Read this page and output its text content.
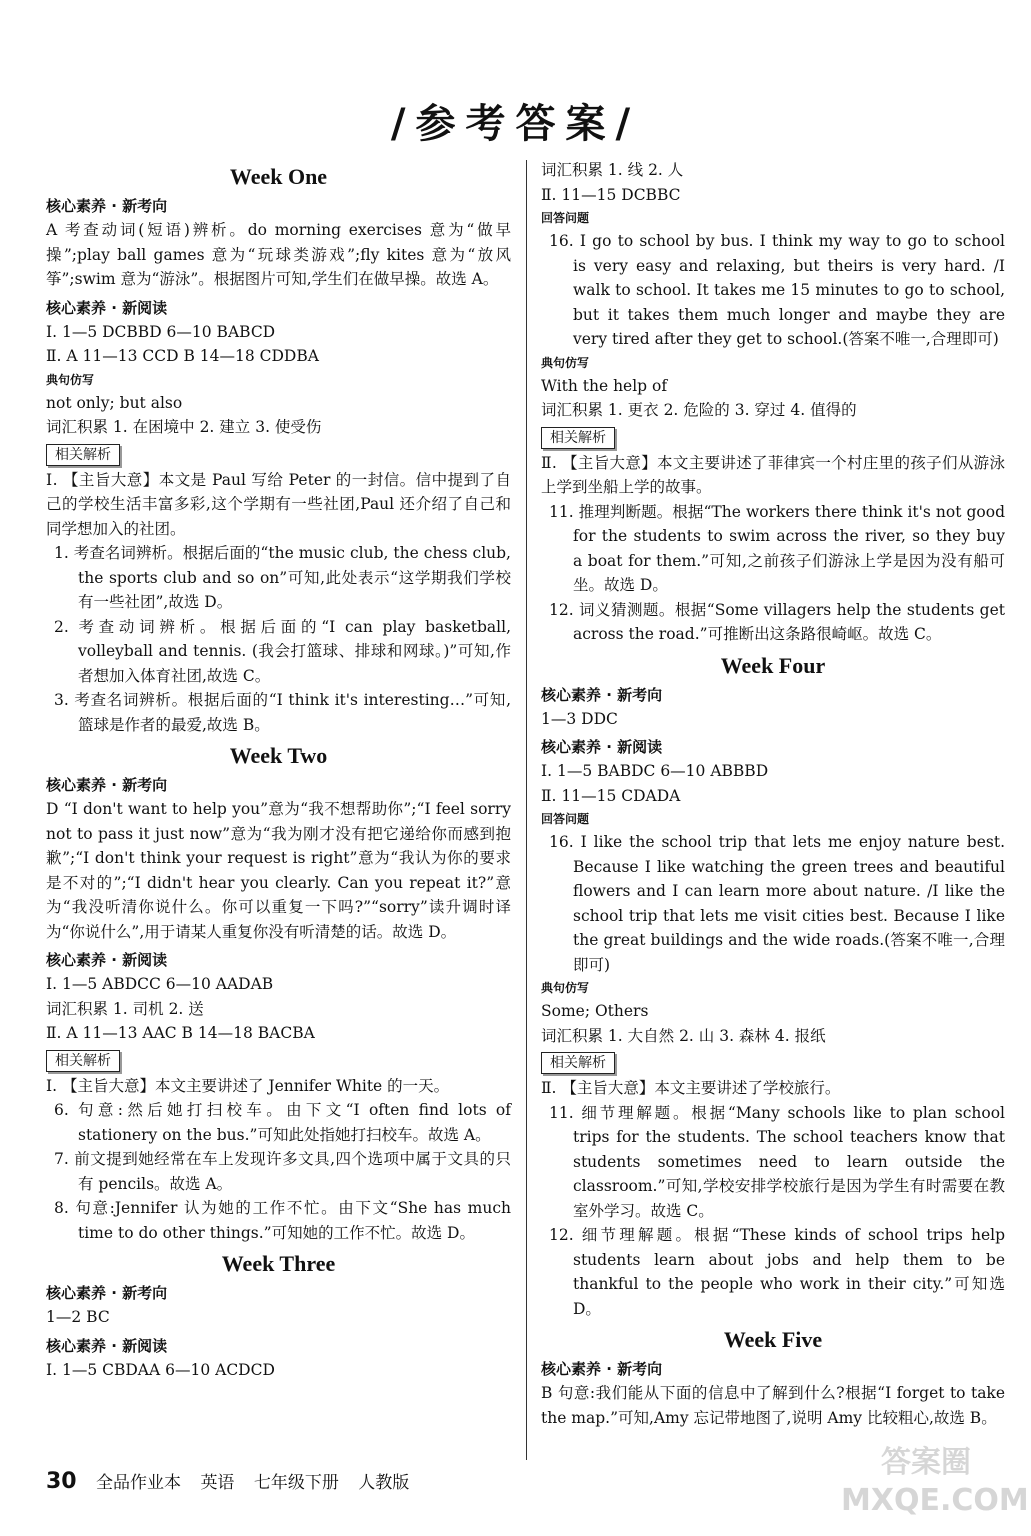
/参考答案/
Week One
核心素养 · 新考向
A 考查动词(短语)辨析。do morning exercises 意为“做早操”;play ball games 意为“玩球类游戏”;fly kites 意为“放风筝”;swim 意为“游泳”。根据图片可知,学生们在做早操。故选 A。
核心素养 · 新阅读
Ⅰ. 1—5 DCBBD 6—10 BABCD
Ⅱ. A 11—13 CCD B 14—18 CDDBA
典句仿写
not only; but also
词汇积累 1. 在困境中 2. 建立 3. 使受伤
相关解析
Ⅰ. 【主旨大意】本文是 Paul 写给 Peter 的一封信。信中提到了自己的学校生活丰富多彩,这个学期有一些社团,Paul 还介绍了自己和同学想加入的社团。
1. 考查名词辨析。根据后面的“the music club, the chess club, the sports club and so on”可知,此处表示“这学期我们学校有一些社团”,故选 D。
2. 考查动词辨析。根据后面的“I can play basketball, volleyball and tennis. (我会打篮球、排球和网球。)”可知,作者想加入体育社团,故选 C。
3. 考查名词辨析。根据后面的“I think it's interesting…”可知,篮球是作者的最爱,故选 B。
Week Two
核心素养 · 新考向
D “I don't want to help you”意为“我不想帮助你”;“I feel sorry not to pass it just now”意为“我为刚才没有把它递给你而感到抱歉”;“I don't think your request is right”意为“我认为你的要求是不对的”;“I didn't hear you clearly. Can you repeat it?”意为“我没听清你说什么。你可以重复一下吗?”“sorry”读升调时译为“你说什么”,用于请某人重复你没有听清楚的话。故选 D。
核心素养 · 新阅读
Ⅰ. 1—5 ABDCC 6—10 AADAB
词汇积累 1. 司机 2. 送
Ⅱ. A 11—13 AAC B 14—18 BACBA
相关解析
Ⅰ. 【主旨大意】本文主要讲述了 Jennifer White 的一天。
6. 句意:然后她打扫校车。由下文“I often find lots of stationery on the bus.”可知此处指她打扫校车。故选 A。
7. 前文提到她经常在车上发现许多文具,四个选项中属于文具的只有 pencils。故选 A。
8. 句意:Jennifer 认为她的工作不忙。由下文“She has much time to do other things.”可知她的工作不忙。故选 D。
Week Three
核心素养 · 新考向
1—2 BC
核心素养 · 新阅读
Ⅰ. 1—5 CBDAA 6—10 ACDCD
词汇积累 1. 线 2. 人
Ⅱ. 11—15 DCBBC
回答问题
16. I go to school by bus. I think my way to go to school is very easy and relaxing, but theirs is very hard. /I walk to school. It takes me 15 minutes to go to school, but it takes them much longer and maybe they are very tired after they get to school.(答案不唯一,合理即可)
典句仿写
With the help of
词汇积累 1. 更衣 2. 危险的 3. 穿过 4. 值得的
相关解析
Ⅱ. 【主旨大意】本文主要讲述了菲律宾一个村庄里的孩子们从游泳上学到坐船上学的故事。
11. 推理判断题。根据“The workers there think it's not good for the students to swim across the river, so they buy a boat for them.”可知,之前孩子们游泳上学是因为没有船可坐。故选 D。
12. 词义猜测题。根据“Some villagers help the students get across the road.”可推断出这条路很崎岖。故选 C。
Week Four
核心素养 · 新考向
1—3 DDC
核心素养 · 新阅读
Ⅰ. 1—5 BABDC 6—10 ABBBD
Ⅱ. 11—15 CDADA
回答问题
16. I like the school trip that lets me enjoy nature best. Because I like watching the green trees and beautiful flowers and I can learn more about nature. /I like the school trip that lets me visit cities best. Because I like the great buildings and the wide roads.(答案不唯一,合理即可)
典句仿写
Some; Others
词汇积累 1. 大自然 2. 山 3. 森林 4. 报纸
相关解析
Ⅱ. 【主旨大意】本文主要讲述了学校旅行。
11. 细节理解题。根据“Many schools like to plan school trips for the students. The school teachers know that students sometimes need to learn outside the classroom.”可知,学校安排学校旅行是因为学生有时需要在教室外学习。故选 C。
12. 细节理解题。根据“These kinds of school trips help students learn about jobs and help them to be thankful to the people who work in their city.”可知选 D。
Week Five
核心素养 · 新考向
B 句意:我们能从下面的信息中了解到什么?根据“I forget to take the map.”可知,Amy 忘记带地图了,说明 Amy 比较粗心,故选 B。
30 全品作业本 英语 七年级下册 人教版
答案圈
MXQE.COM
